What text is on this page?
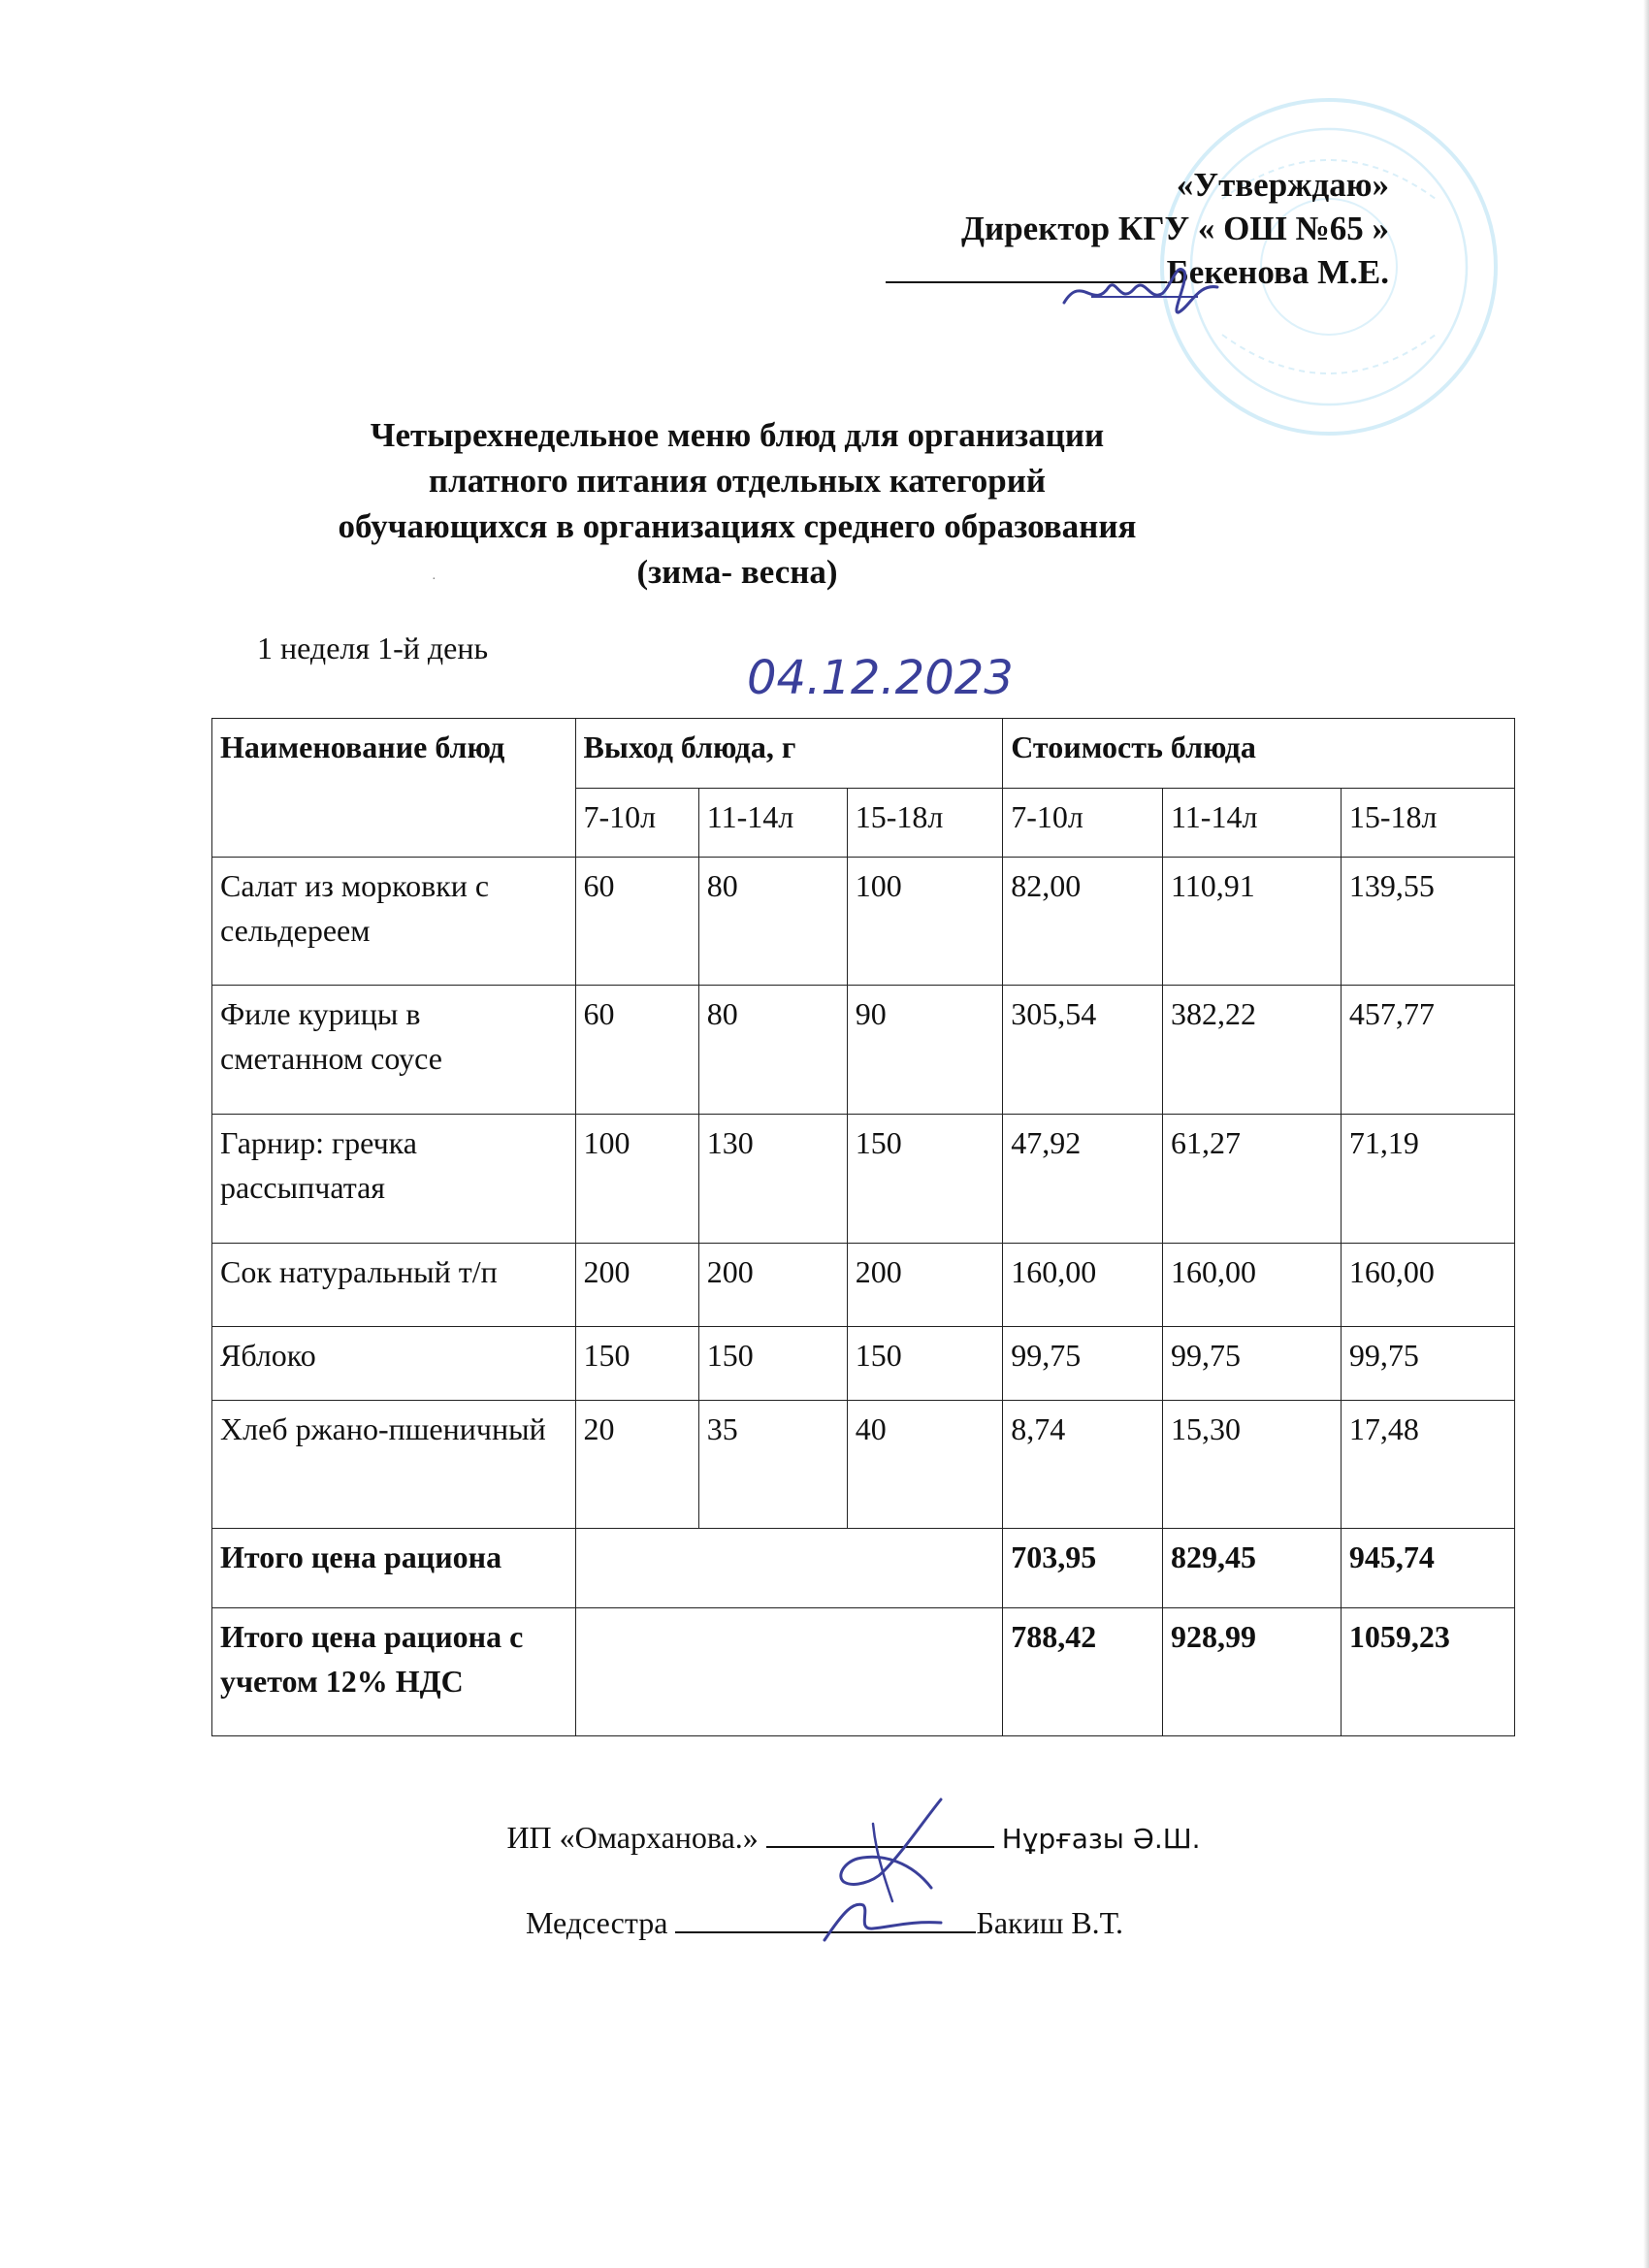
«Утверждаю»
Директор КГУ « ОШ №65 »
Бекенова М.Е.
Четырехнедельное меню блюд для организации
платного питания отдельных категорий
обучающихся в организациях среднего образования
(зима- весна)
·
1 неделя 1-й день
04.12.2023
Наименование блюд	Выход блюда, г			Стоимость блюда		
	7-10л	11-14л	15-18л	7-10л	11-14л	15-18л
Салат из морковки с сельдереем	60	80	100	82,00	110,91	139,55
Филе курицы в сметанном соусе	60	80	90	305,54	382,22	457,77
Гарнир: гречка рассыпчатая	100	130	150	47,92	61,27	71,19
Сок натуральный т/п	200	200	200	160,00	160,00	160,00
Яблоко	150	150	150	99,75	99,75	99,75
Хлеб ржано-пшеничный	20	35	40	8,74	15,30	17,48
Итого цена рациона				703,95	829,45	945,74
Итого цена рациона с учетом 12% НДС				788,42	928,99	1059,23
ИП «Омарханова.»	Нұрғазы Ә.Ш.
Медсестра	Бакиш В.Т.
